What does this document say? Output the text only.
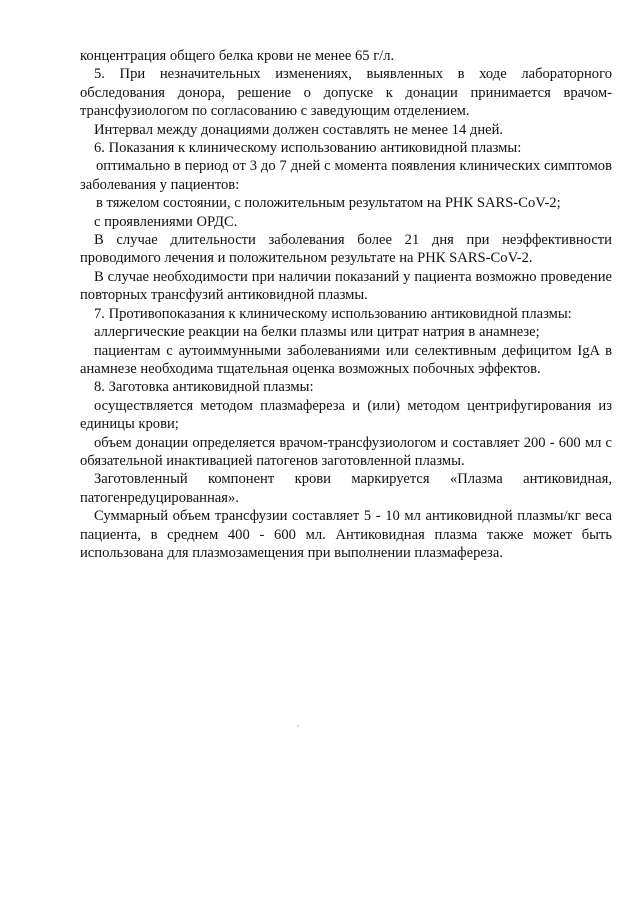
концентрация общего белка крови не менее 65 г/л.

5. При незначительных изменениях, выявленных в ходе лабораторного обследования донора, решение о допуске к донации принимается врачом-трансфузиологом по согласованию с заведующим отделением.

Интервал между донациями должен составлять не менее 14 дней.

6. Показания к клиническому использованию антиковидной плазмы:

оптимально в период от 3 до 7 дней с момента появления клинических симптомов заболевания у пациентов:

в тяжелом состоянии, с положительным результатом на РНК SARS-CoV-2;

с проявлениями ОРДС.

В случае длительности заболевания более 21 дня при неэффективности проводимого лечения и положительном результате на РНК SARS-CoV-2.

В случае необходимости при наличии показаний у пациента возможно проведение повторных трансфузий антиковидной плазмы.

7. Противопоказания к клиническому использованию антиковидной плазмы:

аллергические реакции на белки плазмы или цитрат натрия в анамнезе;

пациентам с аутоиммунными заболеваниями или селективным дефицитом IgA в анамнезе необходима тщательная оценка возможных побочных эффектов.

8. Заготовка антиковидной плазмы:

осуществляется методом плазмафереза и (или) методом центрифугирования из единицы крови;

объем донации определяется врачом-трансфузиологом и составляет 200 - 600 мл с обязательной инактивацией патогенов заготовленной плазмы.

Заготовленный компонент крови маркируется «Плазма антиковидная, патогенредуцированная».

Суммарный объем трансфузии составляет 5 - 10 мл антиковидной плазмы/кг веса пациента, в среднем 400 - 600 мл. Антиковидная плазма также может быть использована для плазмозамещения при выполнении плазмафереза.
